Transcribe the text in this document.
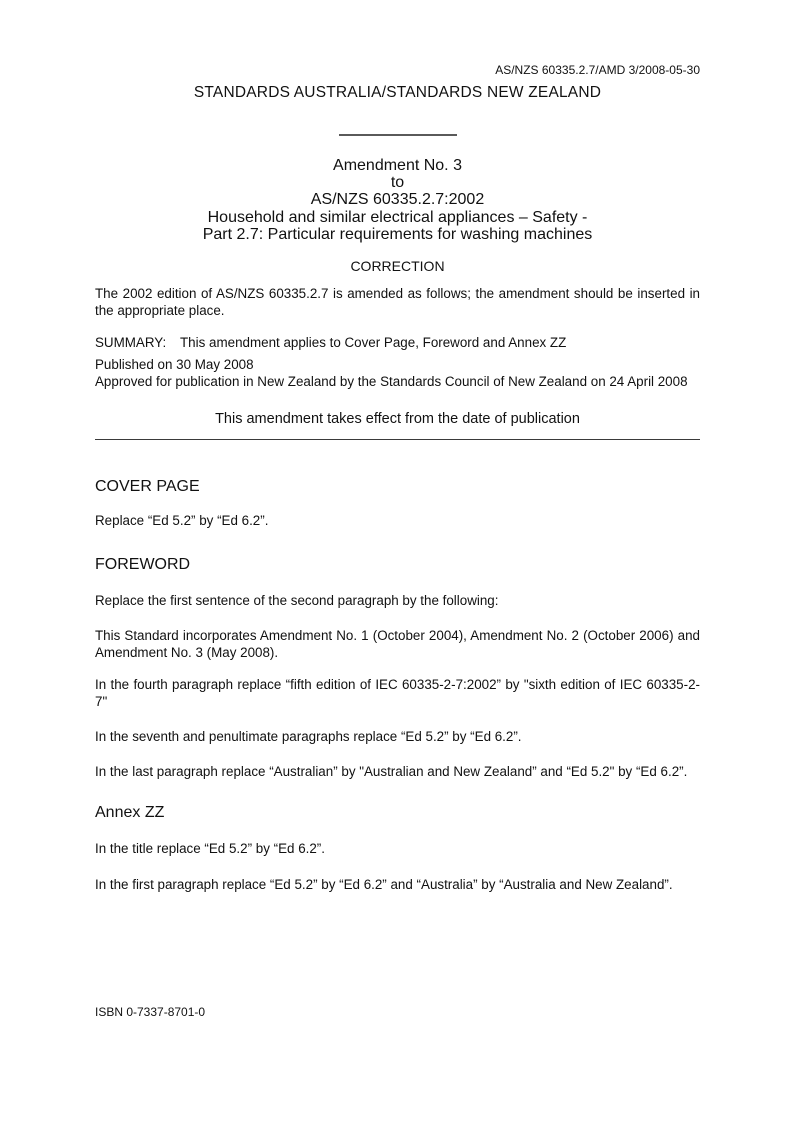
AS/NZS 60335.2.7/AMD 3/2008-05-30
STANDARDS AUSTRALIA/STANDARDS NEW ZEALAND
Amendment No. 3
to
AS/NZS 60335.2.7:2002
Household and similar electrical appliances – Safety -
Part 2.7: Particular requirements for washing machines
CORRECTION

The 2002 edition of AS/NZS 60335.2.7 is amended as follows; the amendment should be inserted in the appropriate place.

SUMMARY:	This amendment applies to Cover Page, Foreword and Annex ZZ
Published on 30 May 2008
Approved for publication in New Zealand by the Standards Council of New Zealand on 24 April 2008
This amendment takes effect from the date of publication
COVER PAGE

Replace “Ed 5.2” by “Ed 6.2”.

FOREWORD

Replace the first sentence of the second paragraph by the following:

This Standard incorporates Amendment No. 1 (October 2004), Amendment No. 2 (October 2006) and Amendment No. 3 (May 2008).

In the fourth paragraph replace “fifth edition of IEC 60335-2-7:2002” by "sixth edition of IEC 60335-2-7"

In the seventh and penultimate paragraphs replace “Ed 5.2” by “Ed 6.2”.

In the last paragraph replace “Australian” by "Australian and New Zealand” and “Ed 5.2" by “Ed 6.2”.

Annex ZZ

In the title replace “Ed 5.2” by “Ed 6.2”.

In the first paragraph replace “Ed 5.2” by “Ed 6.2” and “Australia” by “Australia and New Zealand”.

ISBN 0-7337-8701-0
